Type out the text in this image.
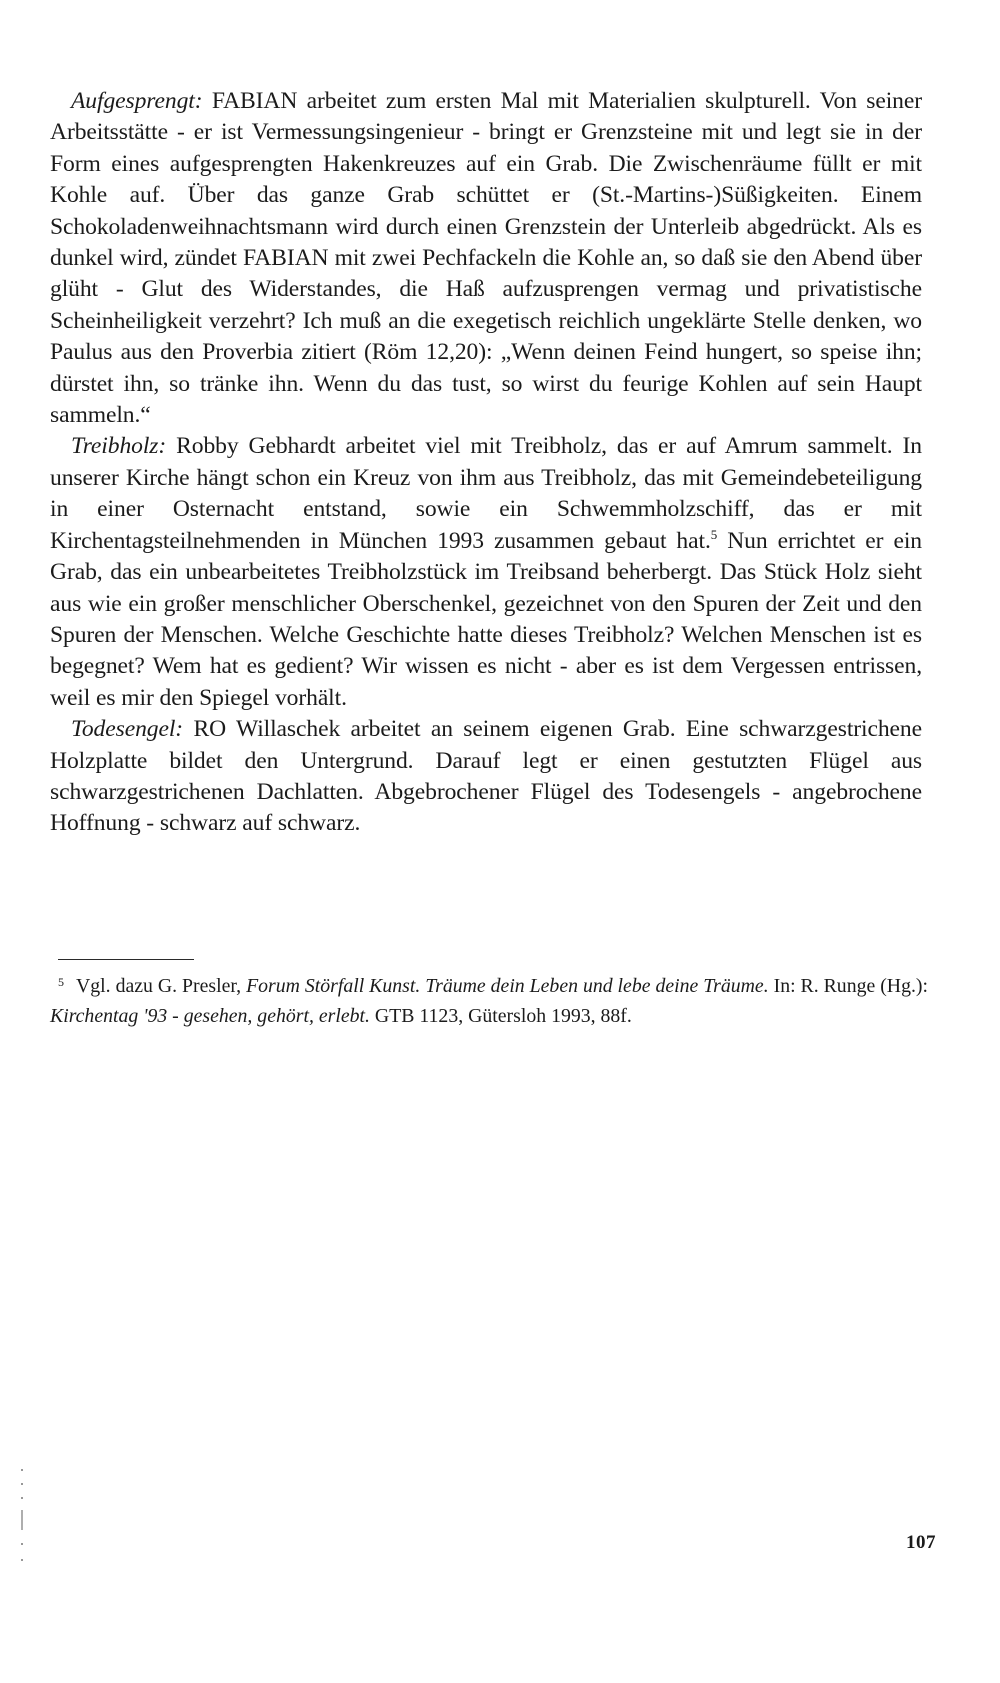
Aufgesprengt: FABIAN arbeitet zum ersten Mal mit Materialien skulpturell. Von seiner Arbeitsstätte - er ist Vermessungsingenieur - bringt er Grenzsteine mit und legt sie in der Form eines aufgesprengten Hakenkreuzes auf ein Grab. Die Zwischenräume füllt er mit Kohle auf. Über das ganze Grab schüttet er (St.-Martins-)Süßigkeiten. Einem Schokoladenweihnachtsmann wird durch einen Grenzstein der Unterleib abgedrückt. Als es dunkel wird, zündet FABIAN mit zwei Pechfackeln die Kohle an, so daß sie den Abend über glüht - Glut des Widerstandes, die Haß aufzusprengen vermag und privatistische Scheinheiligkeit verzehrt? Ich muß an die exegetisch reichlich ungeklärte Stelle denken, wo Paulus aus den Proverbia zitiert (Röm 12,20): „Wenn deinen Feind hungert, so speise ihn; dürstet ihn, so tränke ihn. Wenn du das tust, so wirst du feurige Kohlen auf sein Haupt sammeln.“

Treibholz: Robby Gebhardt arbeitet viel mit Treibholz, das er auf Amrum sammelt. In unserer Kirche hängt schon ein Kreuz von ihm aus Treibholz, das mit Gemeindebeteiligung in einer Osternacht entstand, sowie ein Schwemmholzschiff, das er mit Kirchentagsteilnehmenden in München 1993 zusammen gebaut hat.$^5$ Nun errichtet er ein Grab, das ein unbearbeitetes Treibholzstück im Treibsand beherbergt. Das Stück Holz sieht aus wie ein großer menschlicher Oberschenkel, gezeichnet von den Spuren der Zeit und den Spuren der Menschen. Welche Geschichte hatte dieses Treibholz? Welchen Menschen ist es begegnet? Wem hat es gedient? Wir wissen es nicht - aber es ist dem Vergessen entrissen, weil es mir den Spiegel vorhält.

Todesengel: RO Willaschek arbeitet an seinem eigenen Grab. Eine schwarzgestrichene Holzplatte bildet den Untergrund. Darauf legt er einen gestutzten Flügel aus schwarzgestrichenen Dachlatten. Abgebrochener Flügel des Todesengels - angebrochene Hoffnung - schwarz auf schwarz.

$^5$ Vgl. dazu G. Presler, Forum Störfall Kunst. Träume dein Leben und lebe deine Träume. In: R. Runge (Hg.): Kirchentag '93 - gesehen, gehört, erlebt. GTB 1123, Gütersloh 1993, 88f.

107
